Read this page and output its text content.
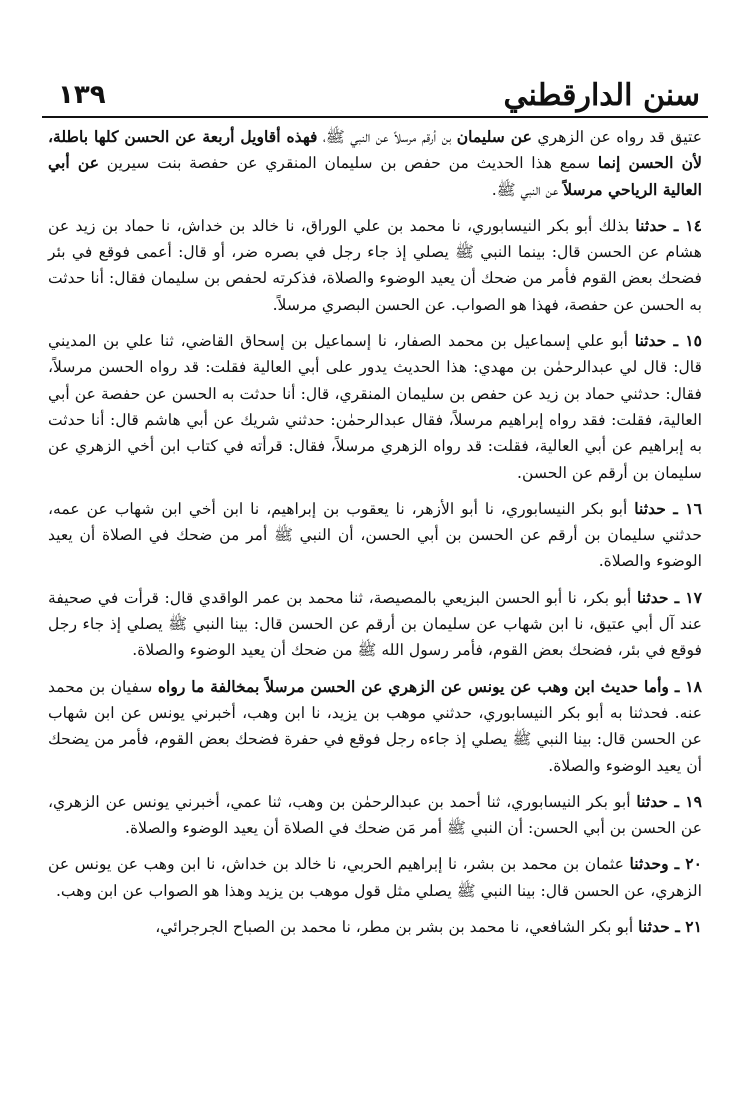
سنن الدارقطني
١٣٩

عتيق قد رواه عن الزهري عن سليمان بن أرقم مرسلاً عن النبي ﷺ، فهذه أقاويل أربعة عن الحسن كلها باطلة، لأن الحسن إنما سمع هذا الحديث من حفص بن سليمان المنقري عن حفصة بنت سيرين عن أبي العالية الرياحي مرسلاً عن النبي ﷺ.

١٤ ـ حدثنا بذلك أبو بكر النيسابوري، نا محمد بن علي الوراق، نا خالد بن خداش، نا حماد بن زيد عن هشام عن الحسن قال: بينما النبي ﷺ يصلي إذ جاء رجل في بصره ضر، أو قال: أعمى فوقع في بئر فضحك بعض القوم فأمر من ضحك أن يعيد الوضوء والصلاة، فذكرته لحفص بن سليمان فقال: أنا حدثت به الحسن عن حفصة، فهذا هو الصواب. عن الحسن البصري مرسلاً.

١٥ ـ حدثنا أبو علي إسماعيل بن محمد الصفار، نا إسماعيل بن إسحاق القاضي، ثنا علي بن المديني قال: قال لي عبدالرحمٰن بن مهدي: هذا الحديث يدور على أبي العالية فقلت: قد رواه الحسن مرسلاً، فقال: حدثني حماد بن زيد عن حفص بن سليمان المنقري، قال: أنا حدثت به الحسن عن حفصة عن أبي العالية، فقلت: فقد رواه إبراهيم مرسلاً، فقال عبدالرحمٰن: حدثني شريك عن أبي هاشم قال: أنا حدثت به إبراهيم عن أبي العالية، فقلت: قد رواه الزهري مرسلاً، فقال: قرأته في كتاب ابن أخي الزهري عن سليمان بن أرقم عن الحسن.

١٦ ـ حدثنا أبو بكر النيسابوري، نا أبو الأزهر، نا يعقوب بن إبراهيم، نا ابن أخي ابن شهاب عن عمه، حدثني سليمان بن أرقم عن الحسن بن أبي الحسن، أن النبي ﷺ أمر من ضحك في الصلاة أن يعيد الوضوء والصلاة.

١٧ ـ حدثنا أبو بكر، نا أبو الحسن البزيعي بالمصيصة، ثنا محمد بن عمر الواقدي قال: قرأت في صحيفة عند آل أبي عتيق، نا ابن شهاب عن سليمان بن أرقم عن الحسن قال: بينا النبي ﷺ يصلي إذ جاء رجل فوقع في بئر، فضحك بعض القوم، فأمر رسول الله ﷺ من ضحك أن يعيد الوضوء والصلاة.

١٨ ـ وأما حديث ابن وهب عن يونس عن الزهري عن الحسن مرسلاً بمخالفة ما رواه سفيان بن محمد عنه. فحدثنا به أبو بكر النيسابوري، حدثني موهب بن يزيد، نا ابن وهب، أخبرني يونس عن ابن شهاب عن الحسن قال: بينا النبي ﷺ يصلي إذ جاءه رجل فوقع في حفرة فضحك بعض القوم، فأمر من يضحك أن يعيد الوضوء والصلاة.

١٩ ـ حدثنا أبو بكر النيسابوري، ثنا أحمد بن عبدالرحمٰن بن وهب، ثنا عمي، أخبرني يونس عن الزهري، عن الحسن بن أبي الحسن: أن النبي ﷺ أمر مَن ضحك في الصلاة أن يعيد الوضوء والصلاة.

٢٠ ـ وحدثنا عثمان بن محمد بن بشر، نا إبراهيم الحربي، نا خالد بن خداش، نا ابن وهب عن يونس عن الزهري، عن الحسن قال: بينا النبي ﷺ يصلي مثل قول موهب بن يزيد وهذا هو الصواب عن ابن وهب.

٢١ ـ حدثنا أبو بكر الشافعي، نا محمد بن بشر بن مطر، نا محمد بن الصباح الجرجرائي،
